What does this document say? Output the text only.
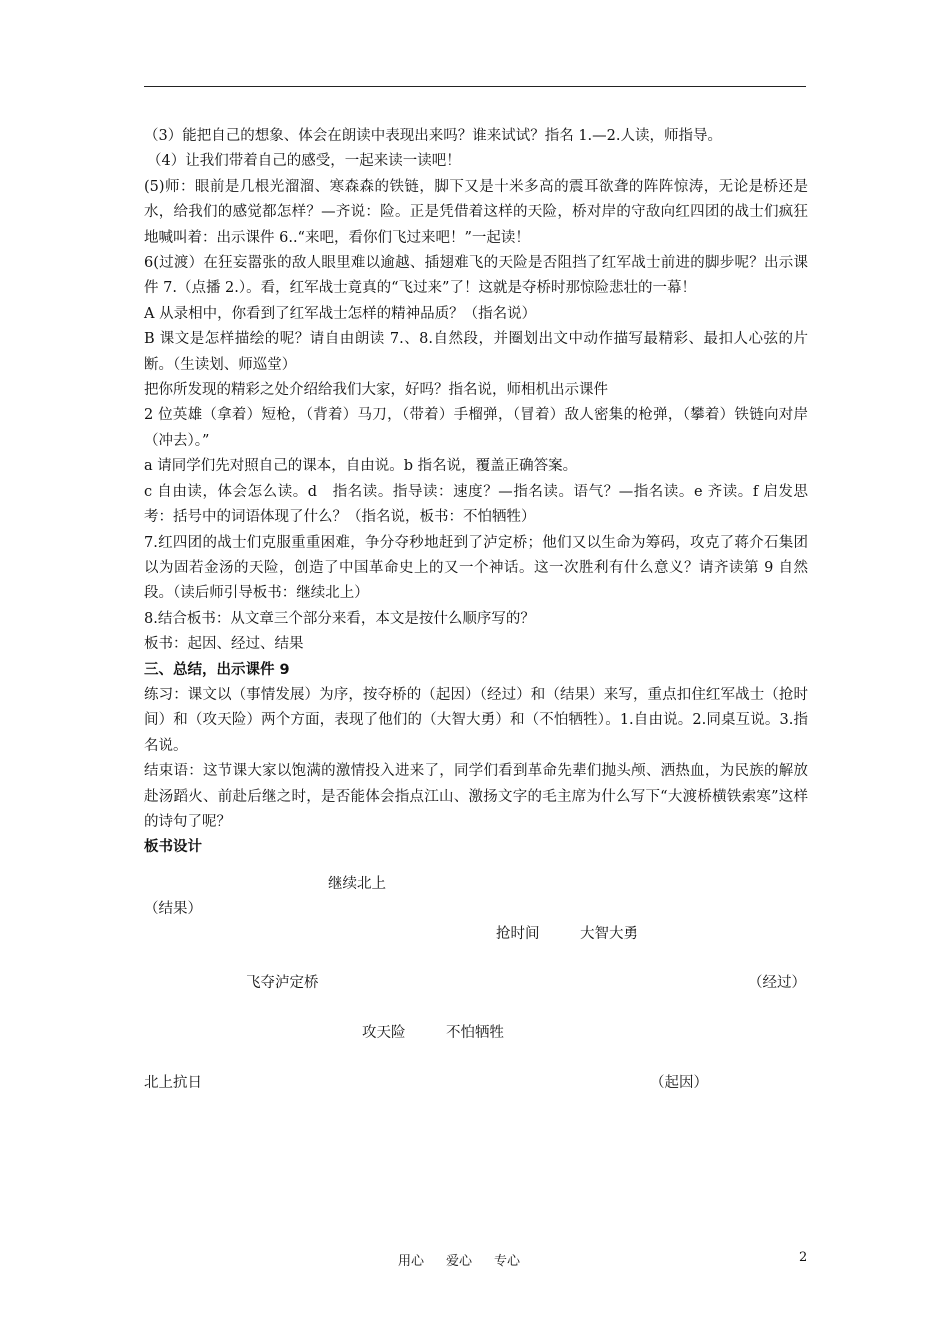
（3）能把自己的想象、体会在朗读中表现出来吗？谁来试试？指名 1.—2.人读，师指导。

（4）让我们带着自己的感受，一起来读一读吧！

(5)师：眼前是几根光溜溜、寒森森的铁链，脚下又是十米多高的震耳欲聋的阵阵惊涛，无论是桥还是水，给我们的感觉都怎样？—齐说：险。正是凭借着这样的天险，桥对岸的守敌向红四团的战士们疯狂地喊叫着：出示课件 6..“来吧，看你们飞过来吧！”一起读！

6(过渡）在狂妄嚣张的敌人眼里难以逾越、插翅难飞的天险是否阻挡了红军战士前进的脚步呢？出示课件 7.（点播 2.）。看，红军战士竟真的“飞过来”了！这就是夺桥时那惊险悲壮的一幕！

A 从录相中，你看到了红军战士怎样的精神品质？（指名说）

B 课文是怎样描绘的呢？请自由朗读 7.、8.自然段，并圈划出文中动作描写最精彩、最扣人心弦的片断。（生读划、师巡堂）

把你所发现的精彩之处介绍给我们大家，好吗？指名说，师相机出示课件

2 位英雄（拿着）短枪，（背着）马刀，（带着）手榴弹，（冒着）敌人密集的枪弹，（攀着）铁链向对岸（冲去）。”

a 请同学们先对照自己的课本，自由说。b 指名说，覆盖正确答案。

c 自由读，体会怎么读。d　指名读。指导读：速度？—指名读。语气？—指名读。e 齐读。f 启发思考：括号中的词语体现了什么？（指名说，板书：不怕牺牲）

7.红四团的战士们克服重重困难，争分夺秒地赶到了泸定桥；他们又以生命为筹码，攻克了蒋介石集团以为固若金汤的天险，创造了中国革命史上的又一个神话。这一次胜利有什么意义？请齐读第 9 自然段。（读后师引导板书：继续北上）

8.结合板书：从文章三个部分来看，本文是按什么顺序写的？

板书：起因、经过、结果

三、总结，出示课件 9

练习：课文以（事情发展）为序，按夺桥的（起因）（经过）和（结果）来写，重点扣住红军战士（抢时间）和（攻天险）两个方面，表现了他们的（大智大勇）和（不怕牺牲）。1.自由说。2.同桌互说。3.指名说。

结束语：这节课大家以饱满的激情投入进来了，同学们看到革命先辈们抛头颅、洒热血，为民族的解放赴汤蹈火、前赴后继之时，是否能体会指点江山、激扬文字的毛主席为什么写下“大渡桥横铁索寒”这样的诗句了呢？

板书设计

继续北上
（结果）
抢时间	大智大勇
飞夺泸定桥	（经过）
攻天险	不怕牺牲
北上抗日	（起因）
用心 爱心 专心	2
